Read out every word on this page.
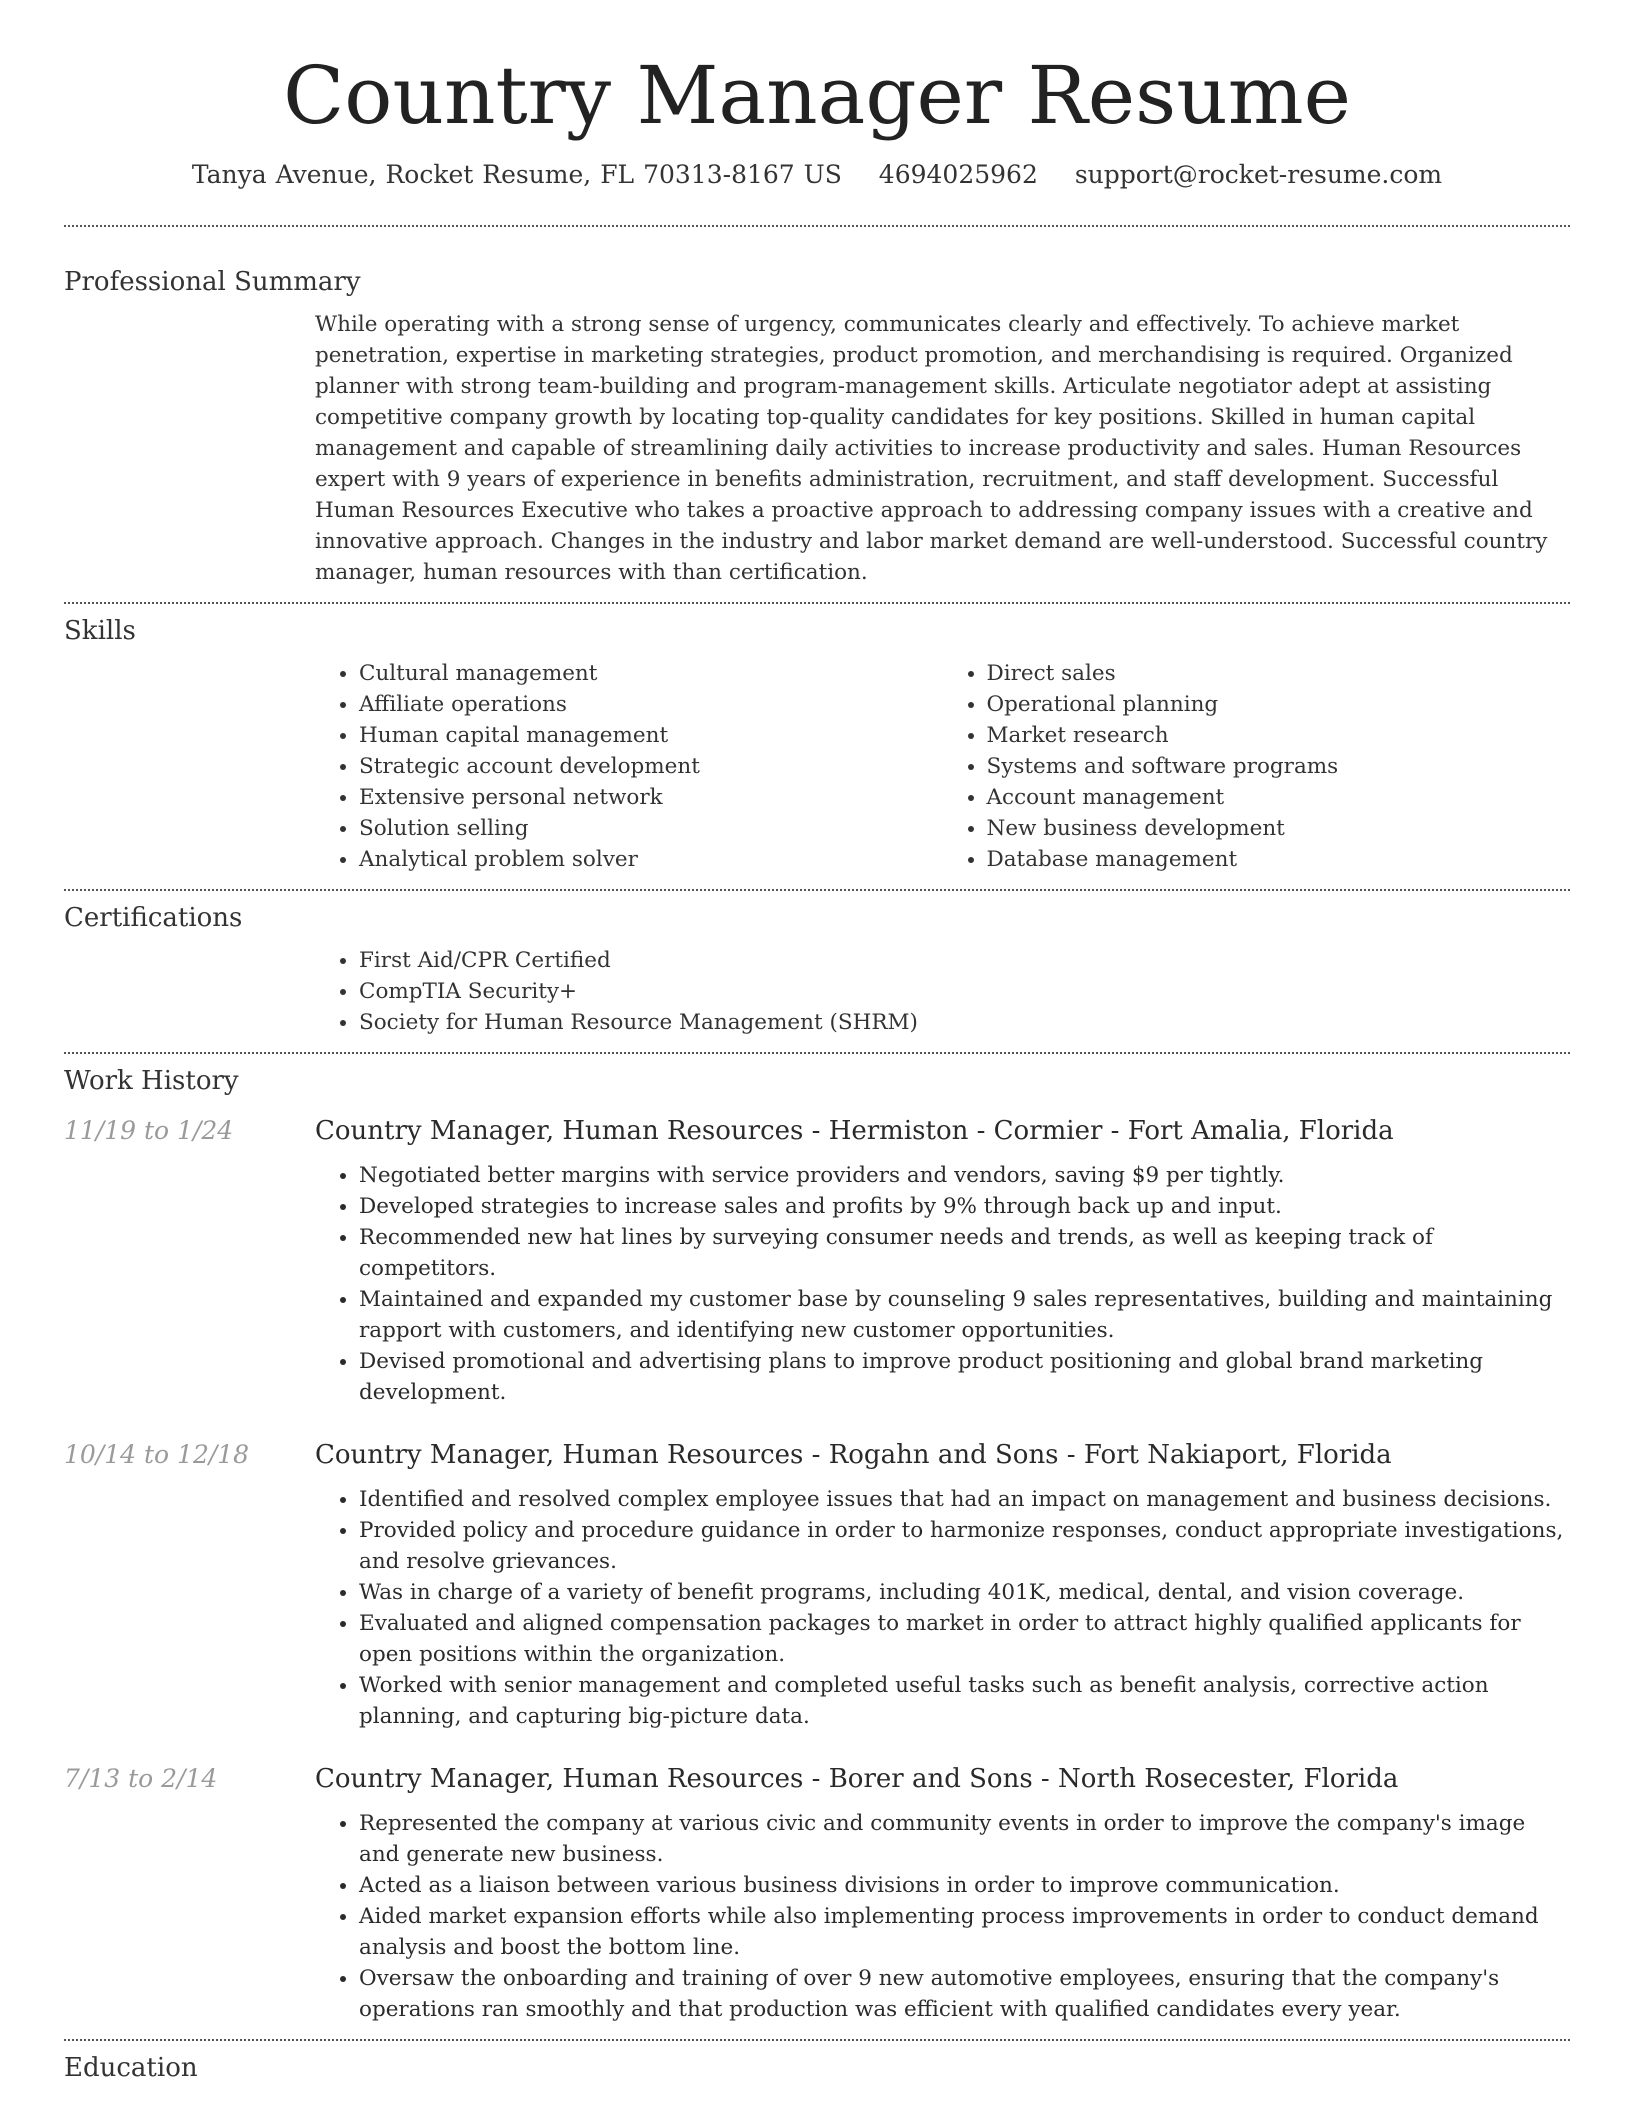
Country Manager Resume
Tanya Avenue, Rocket Resume, FL 70313-8167 US 4694025962 support@rocket-resume.com
Professional Summary
While operating with a strong sense of urgency, communicates clearly and effectively. To achieve market penetration, expertise in marketing strategies, product promotion, and merchandising is required. Organized planner with strong team-building and program-management skills. Articulate negotiator adept at assisting competitive company growth by locating top-quality candidates for key positions. Skilled in human capital management and capable of streamlining daily activities to increase productivity and sales. Human Resources expert with 9 years of experience in benefits administration, recruitment, and staff development. Successful Human Resources Executive who takes a proactive approach to addressing company issues with a creative and innovative approach. Changes in the industry and labor market demand are well-understood. Successful country manager, human resources with than certification.
Skills
• Cultural management
• Affiliate operations
• Human capital management
• Strategic account development
• Extensive personal network
• Solution selling
• Analytical problem solver
• Direct sales
• Operational planning
• Market research
• Systems and software programs
• Account management
• New business development
• Database management
Certifications
• First Aid/CPR Certified
• CompTIA Security+
• Society for Human Resource Management (SHRM)
Work History
11/19 to 1/24	Country Manager, Human Resources - Hermiston - Cormier - Fort Amalia, Florida
• Negotiated better margins with service providers and vendors, saving $9 per tightly.
• Developed strategies to increase sales and profits by 9% through back up and input.
• Recommended new hat lines by surveying consumer needs and trends, as well as keeping track of competitors.
• Maintained and expanded my customer base by counseling 9 sales representatives, building and maintaining rapport with customers, and identifying new customer opportunities.
• Devised promotional and advertising plans to improve product positioning and global brand marketing development.
10/14 to 12/18	Country Manager, Human Resources - Rogahn and Sons - Fort Nakiaport, Florida
• Identified and resolved complex employee issues that had an impact on management and business decisions.
• Provided policy and procedure guidance in order to harmonize responses, conduct appropriate investigations, and resolve grievances.
• Was in charge of a variety of benefit programs, including 401K, medical, dental, and vision coverage.
• Evaluated and aligned compensation packages to market in order to attract highly qualified applicants for open positions within the organization.
• Worked with senior management and completed useful tasks such as benefit analysis, corrective action planning, and capturing big-picture data.
7/13 to 2/14	Country Manager, Human Resources - Borer and Sons - North Rosecester, Florida
• Represented the company at various civic and community events in order to improve the company's image and generate new business.
• Acted as a liaison between various business divisions in order to improve communication.
• Aided market expansion efforts while also implementing process improvements in order to conduct demand analysis and boost the bottom line.
• Oversaw the onboarding and training of over 9 new automotive employees, ensuring that the company's operations ran smoothly and that production was efficient with qualified candidates every year.
Education
